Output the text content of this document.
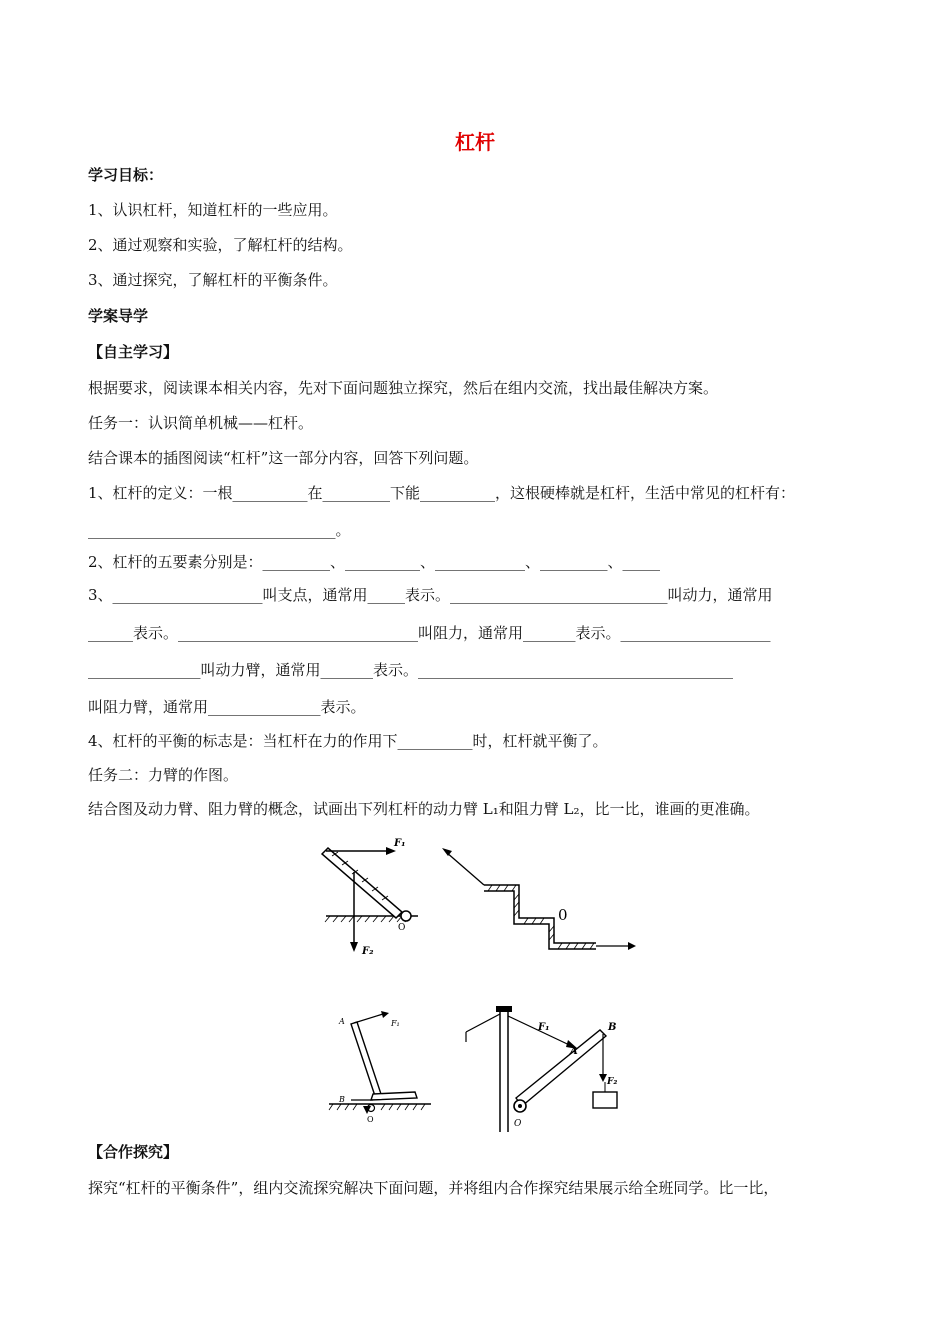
杠杆
学习目标：
1、认识杠杆，知道杠杆的一些应用。
2、通过观察和实验，了解杠杆的结构。
3、通过探究，了解杠杆的平衡条件。
学案导学
【自主学习】
根据要求，阅读课本相关内容，先对下面问题独立探究，然后在组内交流，找出最佳解决方案。
任务一：认识简单机械——杠杆。
结合课本的插图阅读“杠杆”这一部分内容，回答下列问题。
1、杠杆的定义：一根__________在_________下能__________，这根硬棒就是杠杆，生活中常见的杠杆有：
_________________________________。
2、杠杆的五要素分别是：_________、__________、____________、_________、_____
3、____________________叫支点，通常用_____表示。_____________________________叫动力，通常用
______表示。________________________________叫阻力，通常用_______表示。____________________
_______________叫动力臂，通常用_______表示。__________________________________________
叫阻力臂，通常用_______________表示。
4、杠杆的平衡的标志是：当杠杆在力的作用下__________时，杠杆就平衡了。
任务二：力臂的作图。
结合图及动力臂、阻力臂的概念，试画出下列杠杆的动力臂 L₁和阻力臂 L₂，比一比，谁画的更准确。
F₁
F₂
O
0
A	F₁
B
O
F₁
A
B
F₂
O
【合作探究】
探究“杠杆的平衡条件”，组内交流探究解决下面问题，并将组内合作探究结果展示给全班同学。比一比，
